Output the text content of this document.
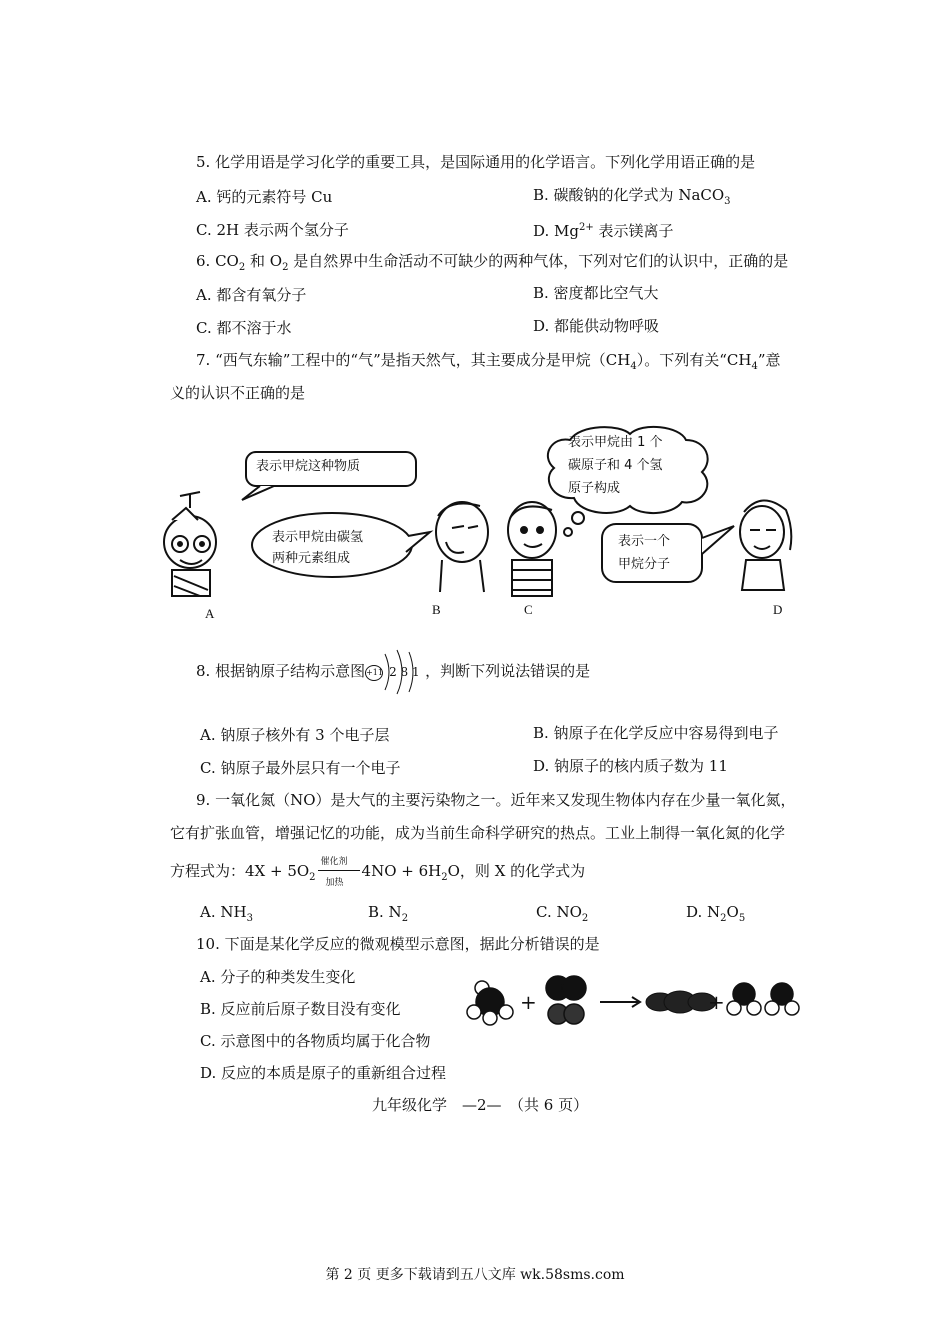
5. 化学用语是学习化学的重要工具，是国际通用的化学语言。下列化学用语正确的是
A. 钙的元素符号 Cu	B. 碳酸钠的化学式为 NaCO$_3$
C. 2H 表示两个氢分子	D. $Mg^{2+}$ 表示镁离子
6. $CO_2$ 和 $O_2$ 是自然界中生命活动不可缺少的两种气体，下列对它们的认识中，正确的是
A. 都含有氧分子	B. 密度都比空气大
C. 都不溶于水	D. 都能供动物呼吸
7. “西气东输”工程中的“气”是指天然气，其主要成分是甲烷$(CH_4)$。下列有关“$CH_4$”意
义的认识不正确的是
表示甲烷这种物质
表示甲烷由碳氢
两种元素组成
表示甲烷由 1 个
碳原子和 4 个氢
原子构成
表示一个
甲烷分子
A	B	C	D
8. 根据钠原子结构示意图 +11 2 8 1 ，判断下列说法错误的是
A. 钠原子核外有 3 个电子层	B. 钠原子在化学反应中容易得到电子
C. 钠原子最外层只有一个电子	D. 钠原子的核内质子数为 11
9. 一氧化氮（NO）是大气的主要污染物之一。近年来又发现生物体内存在少量一氧化氮，
它有扩张血管，增强记忆的功能，成为当前生命科学研究的热点。工业上制得一氧化氮的化学
方程式为：$4X + 5O_2$
催化剂
加热
$4NO + 6H_2O$，则 X 的化学式为
A. $NH_3$	B. $N_2$	C. $NO_2$	D. $N_2O_5$
10. 下面是某化学反应的微观模型示意图，据此分析错误的是
A. 分子的种类发生变化
B. 反应前后原子数目没有变化
C. 示意图中的各物质均属于化合物
D. 反应的本质是原子的重新组合过程
+	+
九年级化学　—2—　（共 6 页）
第 2 页 更多下载请到五八文库 wk.58sms.com
